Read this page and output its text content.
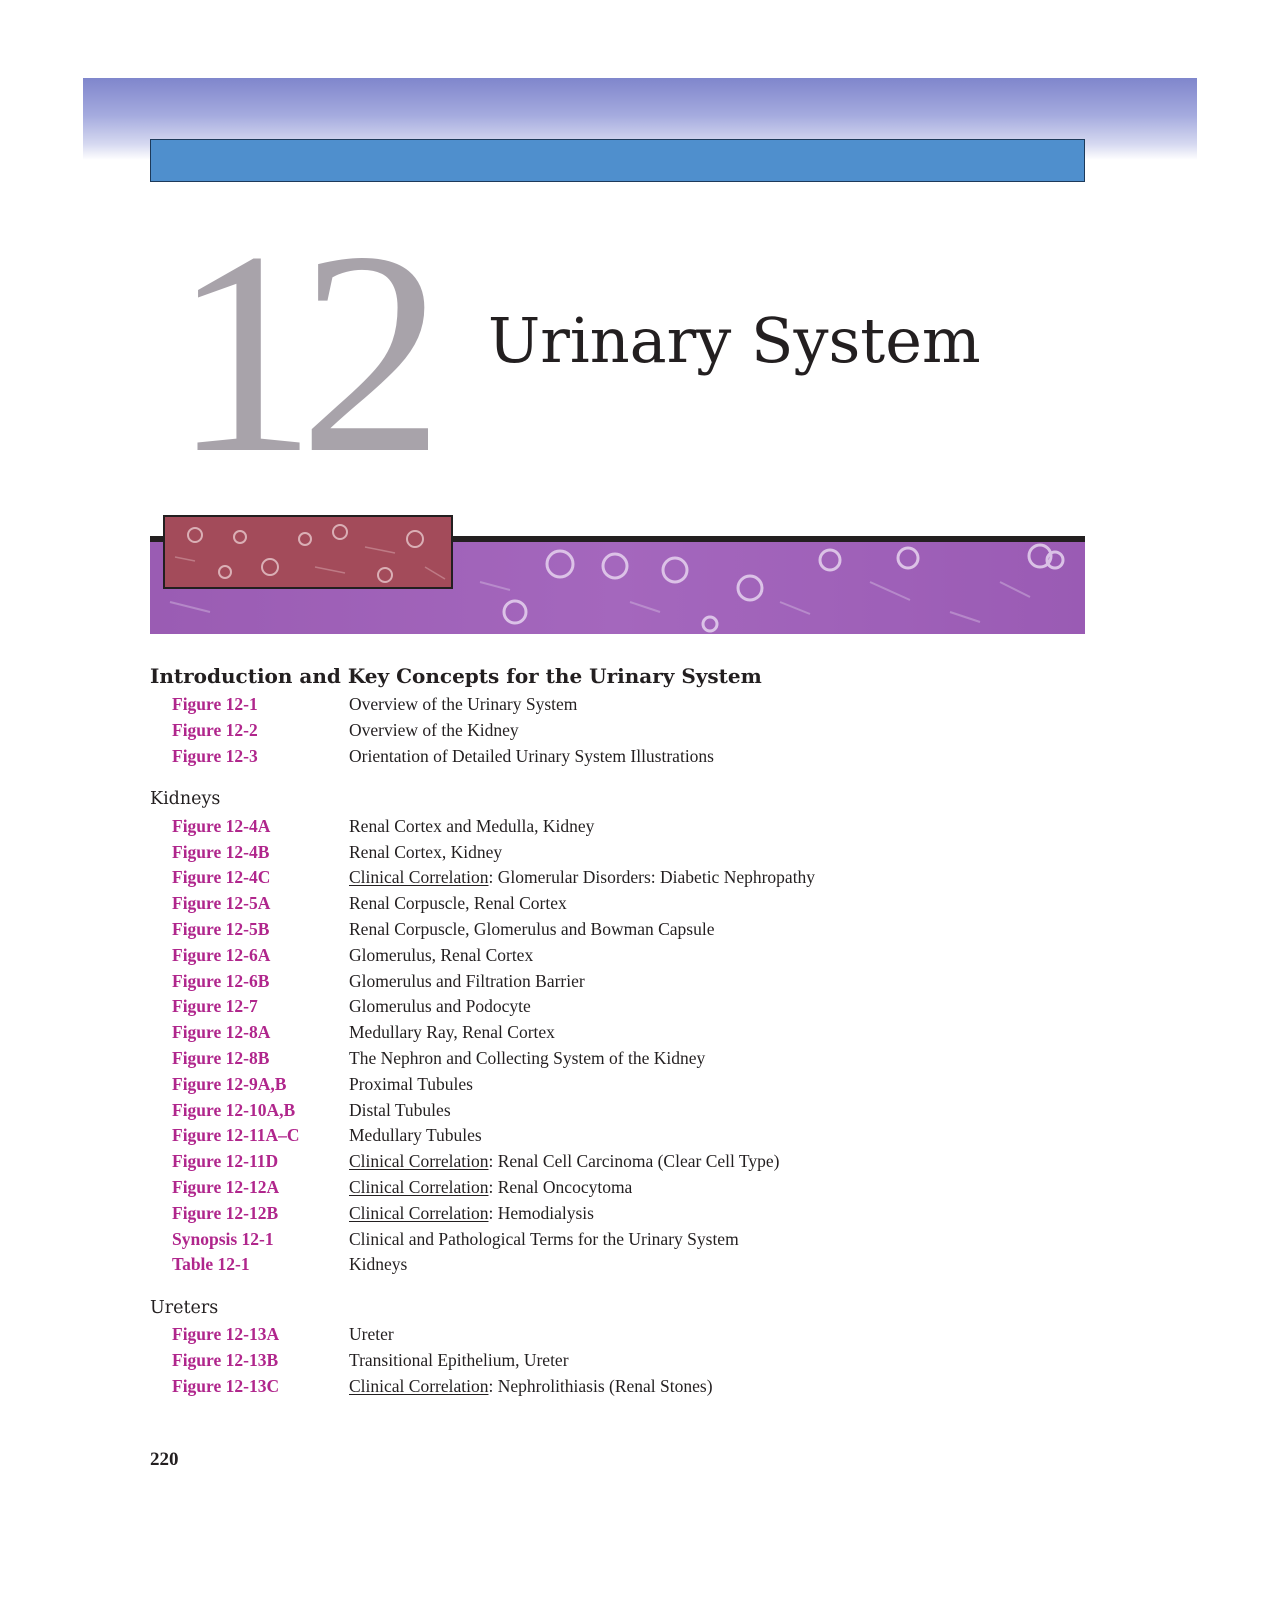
12 Urinary System
Introduction and Key Concepts for the Urinary System
Figure 12-1	Overview of the Urinary System
Figure 12-2	Overview of the Kidney
Figure 12-3	Orientation of Detailed Urinary System Illustrations
Kidneys
Figure 12-4A	Renal Cortex and Medulla, Kidney
Figure 12-4B	Renal Cortex, Kidney
Figure 12-4C	Clinical Correlation: Glomerular Disorders: Diabetic Nephropathy
Figure 12-5A	Renal Corpuscle, Renal Cortex
Figure 12-5B	Renal Corpuscle, Glomerulus and Bowman Capsule
Figure 12-6A	Glomerulus, Renal Cortex
Figure 12-6B	Glomerulus and Filtration Barrier
Figure 12-7	Glomerulus and Podocyte
Figure 12-8A	Medullary Ray, Renal Cortex
Figure 12-8B	The Nephron and Collecting System of the Kidney
Figure 12-9A,B	Proximal Tubules
Figure 12-10A,B	Distal Tubules
Figure 12-11A–C	Medullary Tubules
Figure 12-11D	Clinical Correlation: Renal Cell Carcinoma (Clear Cell Type)
Figure 12-12A	Clinical Correlation: Renal Oncocytoma
Figure 12-12B	Clinical Correlation: Hemodialysis
Synopsis 12-1	Clinical and Pathological Terms for the Urinary System
Table 12-1	Kidneys
Ureters
Figure 12-13A	Ureter
Figure 12-13B	Transitional Epithelium, Ureter
Figure 12-13C	Clinical Correlation: Nephrolithiasis (Renal Stones)
220
